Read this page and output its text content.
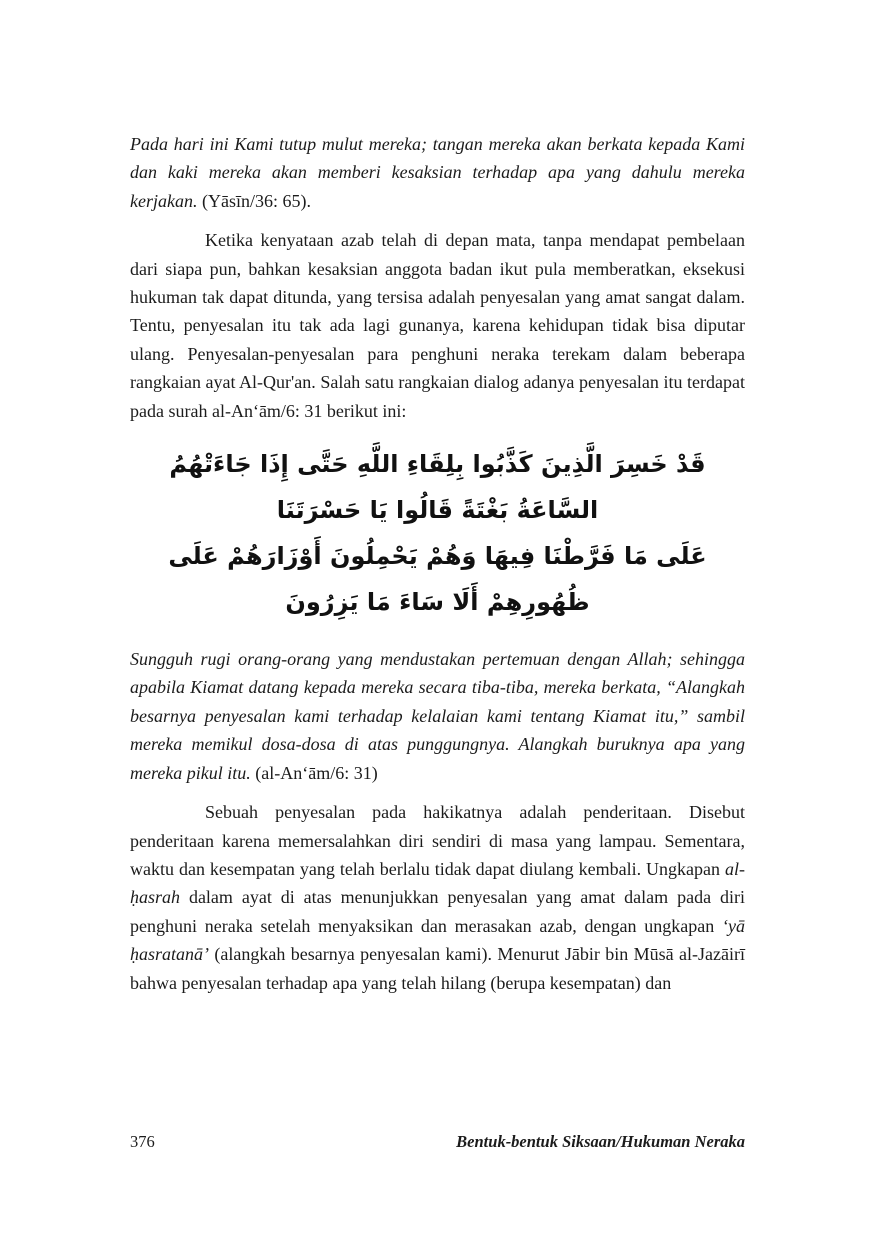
Pada hari ini Kami tutup mulut mereka; tangan mereka akan berkata kepada Kami dan kaki mereka akan memberi kesaksian terhadap apa yang dahulu mereka kerjakan. (Yāsīn/36: 65).

Ketika kenyataan azab telah di depan mata, tanpa mendapat pembelaan dari siapa pun, bahkan kesaksian anggota badan ikut pula memberatkan, eksekusi hukuman tak dapat ditunda, yang tersisa adalah penyesalan yang amat sangat dalam. Tentu, penyesalan itu tak ada lagi gunanya, karena kehidupan tidak bisa diputar ulang. Penyesalan-penyesalan para penghuni neraka terekam dalam beberapa rangkaian ayat Al-Qur'an. Salah satu rangkaian dialog adanya penyesalan itu terdapat pada surah al-An‘ām/6: 31 berikut ini:

قَدْ خَسِرَ الَّذِينَ كَذَّبُوا بِلِقَاءِ اللَّهِ حَتَّى إِذَا جَاءَتْهُمُ السَّاعَةُ بَغْتَةً قَالُوا يَا حَسْرَتَنَا
عَلَى مَا فَرَّطْنَا فِيهَا وَهُمْ يَحْمِلُونَ أَوْزَارَهُمْ عَلَى ظُهُورِهِمْ أَلَا سَاءَ مَا يَزِرُونَ

Sungguh rugi orang-orang yang mendustakan pertemuan dengan Allah; sehingga apabila Kiamat datang kepada mereka secara tiba-tiba, mereka berkata, “Alangkah besarnya penyesalan kami terhadap kelalaian kami tentang Kiamat itu,” sambil mereka memikul dosa-dosa di atas punggungnya. Alangkah buruknya apa yang mereka pikul itu. (al-An‘ām/6: 31)

Sebuah penyesalan pada hakikatnya adalah penderitaan. Disebut penderitaan karena memersalahkan diri sendiri di masa yang lampau. Sementara, waktu dan kesempatan yang telah berlalu tidak dapat diulang kembali. Ungkapan al-ḥasrah dalam ayat di atas menunjukkan penyesalan yang amat dalam pada diri penghuni neraka setelah menyaksikan dan merasakan azab, dengan ungkapan ‘yā ḥasratanā’ (alangkah besarnya penyesalan kami). Menurut Jābir bin Mūsā al-Jazāirī bahwa penyesalan terhadap apa yang telah hilang (berupa kesempatan) dan

376	Bentuk-bentuk Siksaan/Hukuman Neraka
